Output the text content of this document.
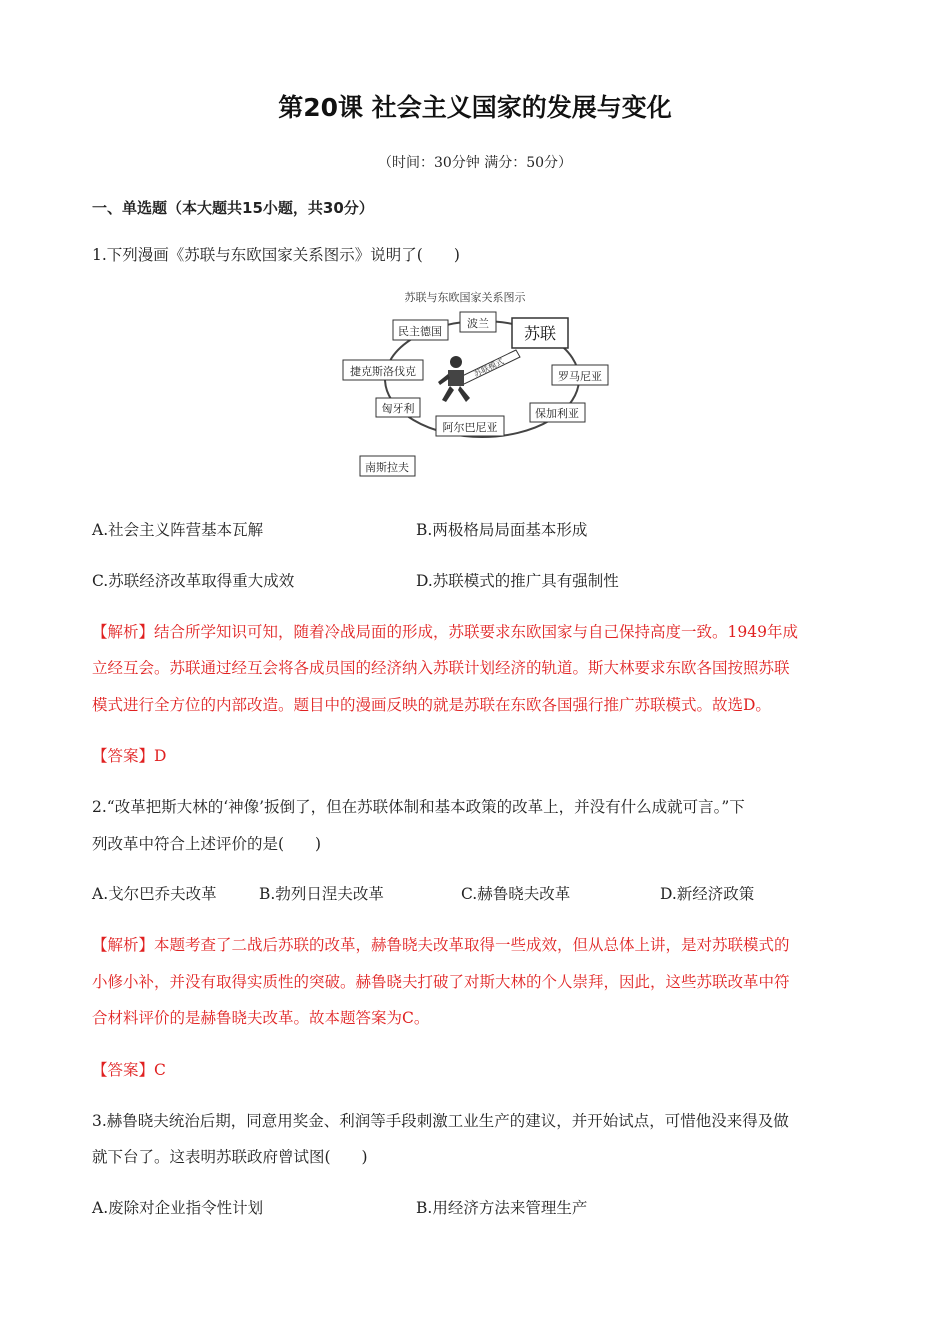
第20课 社会主义国家的发展与变化
（时间：30分钟 满分：50分）
一、单选题（本大题共15小题，共30分）
1.下列漫画《苏联与东欧国家关系图示》说明了(　　)
苏联与东欧国家关系图示
苏联
苏联模式
民主德国
波兰
捷克斯洛伐克	罗马尼亚
匈牙利	保加利亚
阿尔巴尼亚
南斯拉夫
A.社会主义阵营基本瓦解	B.两极格局局面基本形成
C.苏联经济改革取得重大成效	D.苏联模式的推广具有强制性
【解析】结合所学知识可知，随着冷战局面的形成，苏联要求东欧国家与自己保持高度一致。1949年成
立经互会。苏联通过经互会将各成员国的经济纳入苏联计划经济的轨道。斯大林要求东欧各国按照苏联
模式进行全方位的内部改造。题目中的漫画反映的就是苏联在东欧各国强行推广苏联模式。故选D。
【答案】D
2.“改革把斯大林的‘神像’扳倒了，但在苏联体制和基本政策的改革上，并没有什么成就可言。”下
列改革中符合上述评价的是(　　)
A.戈尔巴乔夫改革	B.勃列日涅夫改革	C.赫鲁晓夫改革	D.新经济政策
【解析】本题考查了二战后苏联的改革，赫鲁晓夫改革取得一些成效，但从总体上讲，是对苏联模式的
小修小补，并没有取得实质性的突破。赫鲁晓夫打破了对斯大林的个人崇拜，因此，这些苏联改革中符
合材料评价的是赫鲁晓夫改革。故本题答案为C。
【答案】C
3.赫鲁晓夫统治后期，同意用奖金、利润等手段刺激工业生产的建议，并开始试点，可惜他没来得及做
就下台了。这表明苏联政府曾试图(　　)
A.废除对企业指令性计划	B.用经济方法来管理生产
